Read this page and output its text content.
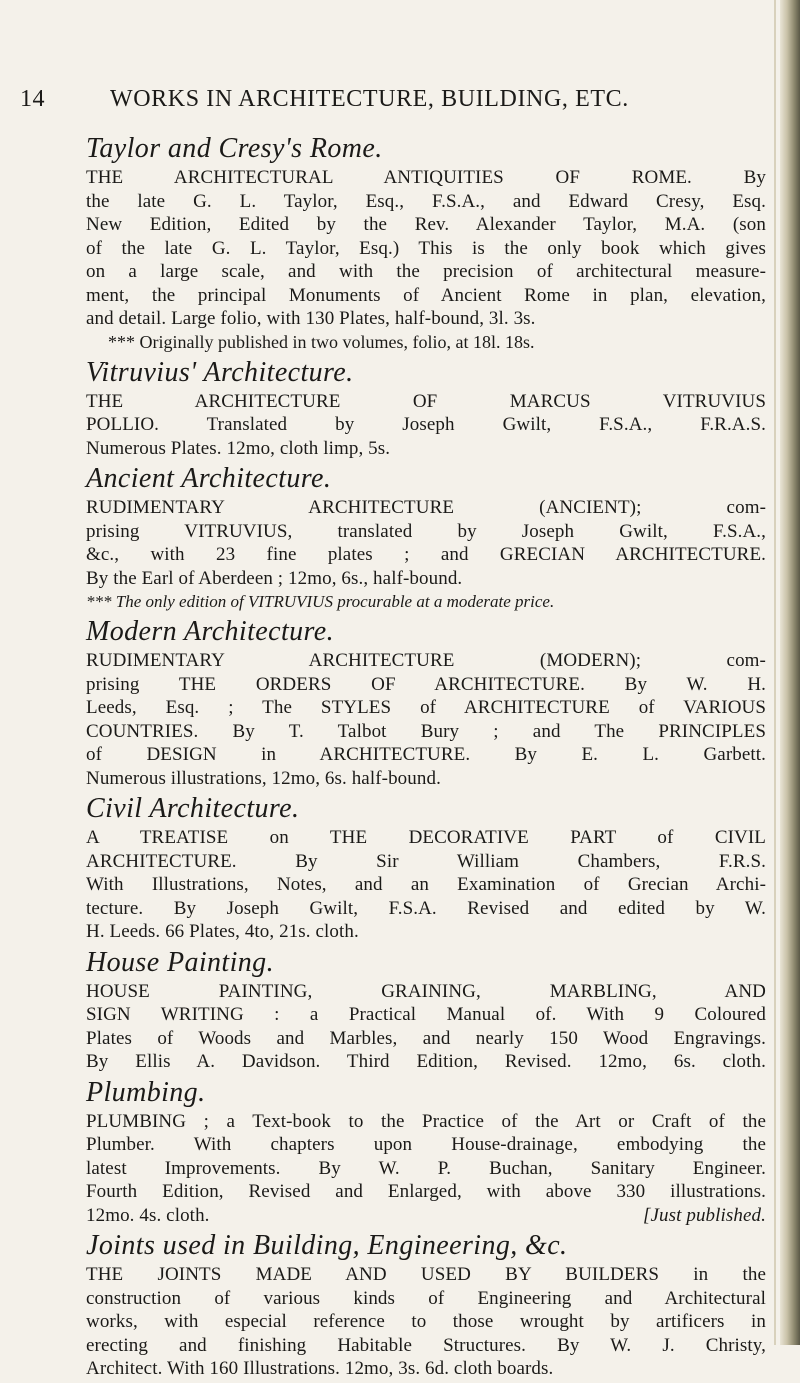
14	WORKS IN ARCHITECTURE, BUILDING, ETC.
Taylor and Cresy's Rome.
THE ARCHITECTURAL ANTIQUITIES OF ROME. By
the late G. L. Taylor, Esq., F.S.A., and Edward Cresy, Esq.
New Edition, Edited by the Rev. Alexander Taylor, M.A. (son
of the late G. L. Taylor, Esq.) This is the only book which gives
on a large scale, and with the precision of architectural measure-
ment, the principal Monuments of Ancient Rome in plan, elevation,
and detail. Large folio, with 130 Plates, half-bound, 3l. 3s.
*** Originally published in two volumes, folio, at 18l. 18s.
Vitruvius' Architecture.
THE ARCHITECTURE OF MARCUS VITRUVIUS
POLLIO. Translated by Joseph Gwilt, F.S.A., F.R.A.S.
Numerous Plates. 12mo, cloth limp, 5s.
Ancient Architecture.
RUDIMENTARY ARCHITECTURE (ANCIENT); com-
prising VITRUVIUS, translated by Joseph Gwilt, F.S.A.,
&c., with 23 fine plates ; and GRECIAN ARCHITECTURE.
By the Earl of Aberdeen ; 12mo, 6s., half-bound.
*** The only edition of VITRUVIUS procurable at a moderate price.
Modern Architecture.
RUDIMENTARY ARCHITECTURE (MODERN); com-
prising THE ORDERS OF ARCHITECTURE. By W. H.
Leeds, Esq. ; The STYLES of ARCHITECTURE of VARIOUS
COUNTRIES. By T. Talbot Bury ; and The PRINCIPLES
of DESIGN in ARCHITECTURE. By E. L. Garbett.
Numerous illustrations, 12mo, 6s. half-bound.
Civil Architecture.
A TREATISE on THE DECORATIVE PART of CIVIL
ARCHITECTURE. By Sir William Chambers, F.R.S.
With Illustrations, Notes, and an Examination of Grecian Archi-
tecture. By Joseph Gwilt, F.S.A. Revised and edited by W.
H. Leeds. 66 Plates, 4to, 21s. cloth.
House Painting.
HOUSE PAINTING, GRAINING, MARBLING, AND
SIGN WRITING : a Practical Manual of. With 9 Coloured
Plates of Woods and Marbles, and nearly 150 Wood Engravings.
By Ellis A. Davidson. Third Edition, Revised. 12mo, 6s. cloth.
Plumbing.
PLUMBING ; a Text-book to the Practice of the Art or Craft of the
Plumber. With chapters upon House-drainage, embodying the
latest Improvements. By W. P. Buchan, Sanitary Engineer.
Fourth Edition, Revised and Enlarged, with above 330 illustrations.
12mo. 4s. cloth.	[Just published.
Joints used in Building, Engineering, &c.
THE JOINTS MADE AND USED BY BUILDERS in the
construction of various kinds of Engineering and Architectural
works, with especial reference to those wrought by artificers in
erecting and finishing Habitable Structures. By W. J. Christy,
Architect. With 160 Illustrations. 12mo, 3s. 6d. cloth boards.
